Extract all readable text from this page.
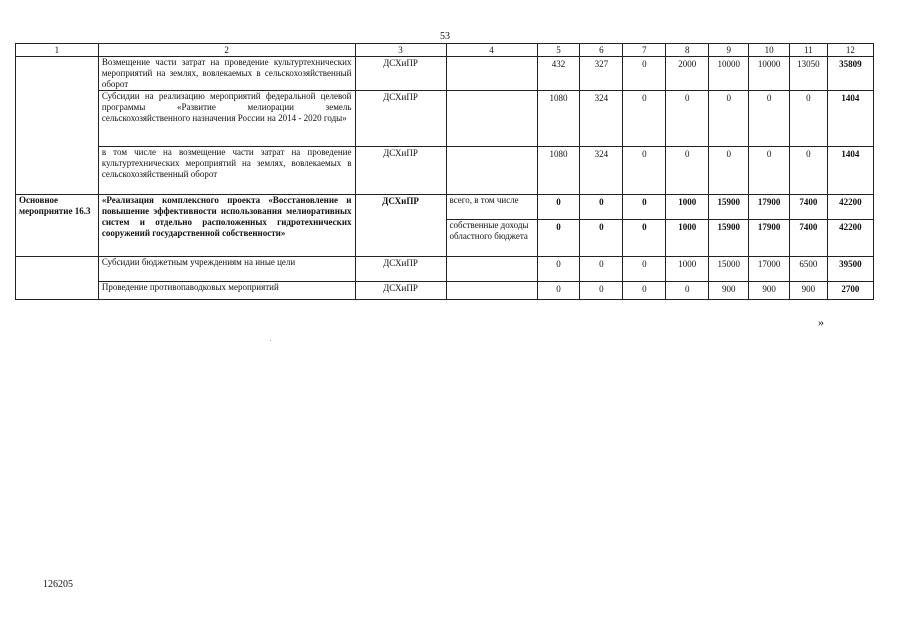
53
1	2	3	4	5	6	7	8	9	10	11	12
	Возмещение части затрат на проведение культуртехнических мероприятий на землях, вовлекаемых в сельскохозяйственный оборот	ДСХиПР		432	327	0	2000	10000	10000	13050	35809
	Субсидии на реализацию мероприятий федеральной целевой программы «Развитие мелиорации земель сельскохозяйственного назначения России на 2014 - 2020 годы»	ДСХиПР		1080	324	0	0	0	0	0	1404
	в том числе на возмещение части затрат на проведение культуртехнических мероприятий на землях, вовлекаемых в сельскохозяйственный оборот	ДСХиПР		1080	324	0	0	0	0	0	1404
Основное мероприятие 16.3	«Реализация комплексного проекта «Восстановление и повышение эффективности использования мелиоративных систем и отдельно расположенных гидротехнических сооружений государственной собственности»	ДСХиПР	всего, в том числе	0	0	0	1000	15900	17900	7400	42200
			собственные доходы областного бюджета	0	0	0	1000	15900	17900	7400	42200
	Субсидии бюджетным учреждениям на иные цели	ДСХиПР		0	0	0	1000	15000	17000	6500	39500
	Проведение противопаводковых мероприятий	ДСХиПР		0	0	0	0	900	900	900	2700
»
126205
